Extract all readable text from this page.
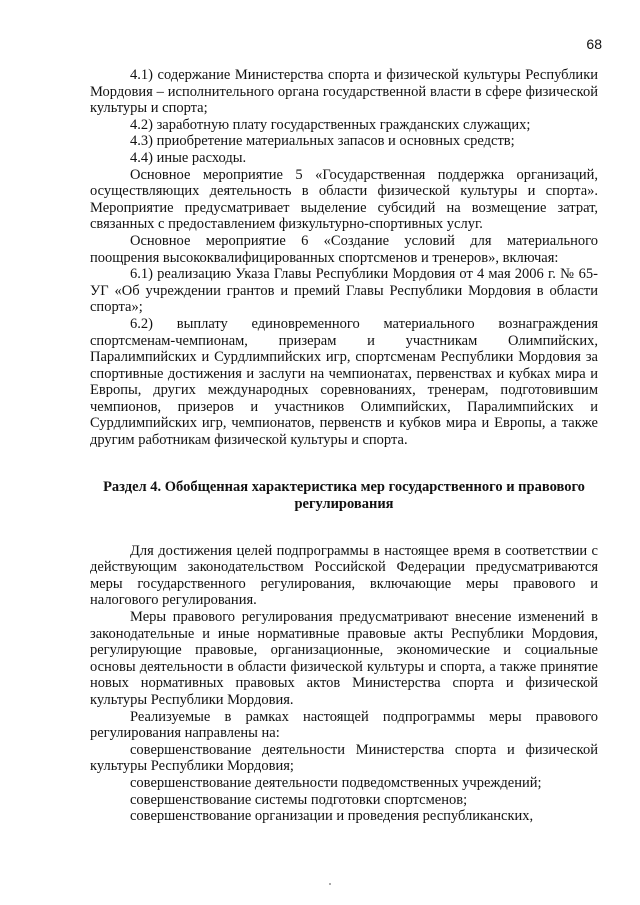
68

4.1) содержание Министерства спорта и физической культуры Республики Мордовия – исполнительного органа государственной власти в сфере физической культуры и спорта;

4.2) заработную плату государственных гражданских служащих;

4.3) приобретение материальных запасов и основных средств;

4.4) иные расходы.

Основное мероприятие 5 «Государственная поддержка организаций, осуществляющих деятельность в области физической культуры и спорта». Мероприятие предусматривает выделение субсидий на возмещение затрат, связанных с предоставлением физкультурно-спортивных услуг.

Основное мероприятие 6 «Создание условий для материального поощрения высококвалифицированных спортсменов и тренеров», включая:

6.1) реализацию Указа Главы Республики Мордовия от 4 мая 2006 г. № 65-УГ «Об учреждении грантов и премий Главы Республики Мордовия в области спорта»;

6.2) выплату единовременного материального вознаграждения спортсменам-чемпионам, призерам и участникам Олимпийских, Паралимпийских и Сурдлимпийских игр, спортсменам Республики Мордовия за спортивные достижения и заслуги на чемпионатах, первенствах и кубках мира и Европы, других международных соревнованиях, тренерам, подготовившим чемпионов, призеров и участников Олимпийских, Паралимпийских и Сурдлимпийских игр, чемпионатов, первенств и кубков мира и Европы, а также другим работникам физической культуры и спорта.

Раздел 4. Обобщенная характеристика мер государственного и правового регулирования

Для достижения целей подпрограммы в настоящее время в соответствии с действующим законодательством Российской Федерации предусматриваются меры государственного регулирования, включающие меры правового и налогового регулирования.

Меры правового регулирования предусматривают внесение изменений в законодательные и иные нормативные правовые акты Республики Мордовия, регулирующие правовые, организационные, экономические и социальные основы деятельности в области физической культуры и спорта, а также принятие новых нормативных правовых актов Министерства спорта и физической культуры Республики Мордовия.

Реализуемые в рамках настоящей подпрограммы меры правового регулирования направлены на:

совершенствование деятельности Министерства спорта и физической культуры Республики Мордовия;

совершенствование деятельности подведомственных учреждений;

совершенствование системы подготовки спортсменов;

совершенствование организации и проведения республиканских,
